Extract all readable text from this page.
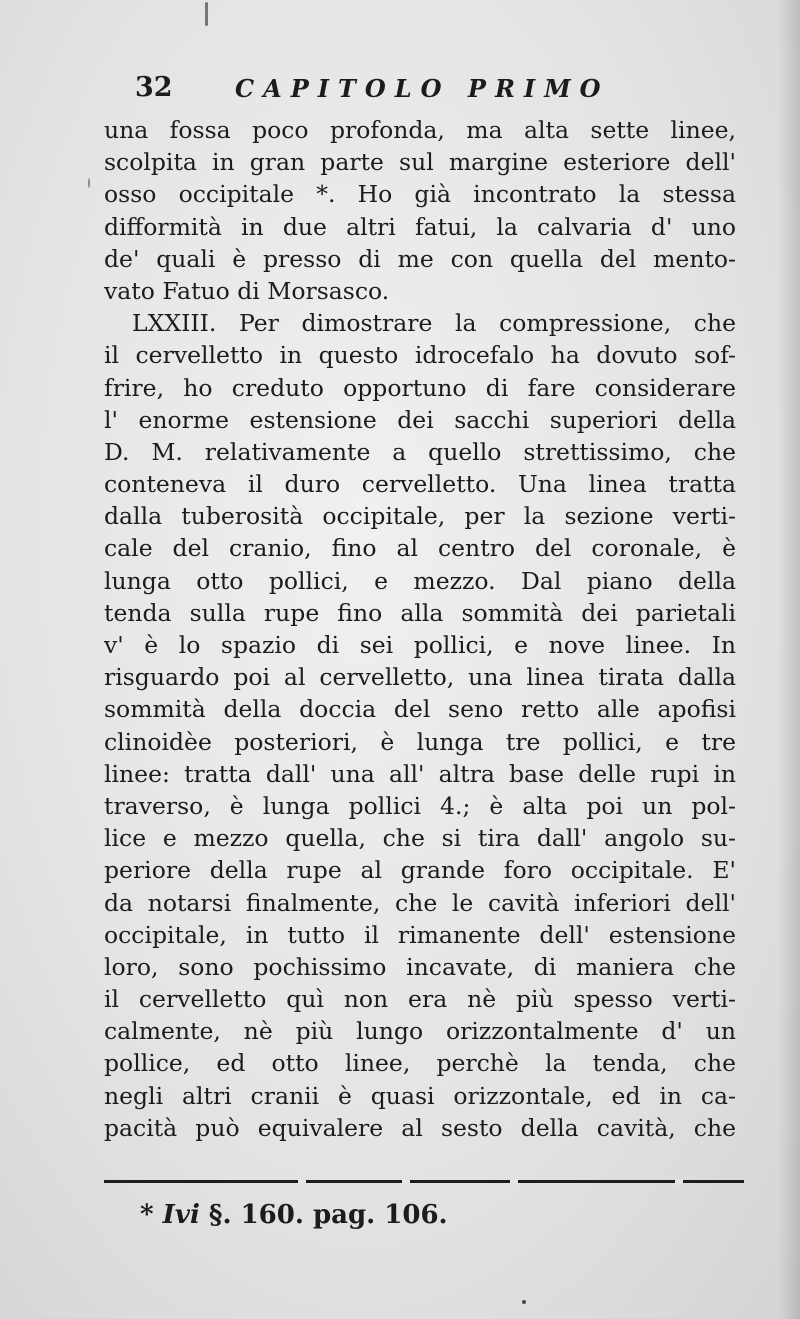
32	CAPITOLO PRIMO
una fossa poco profonda, ma alta sette linee,
scolpita in gran parte sul margine esteriore dell'
osso occipitale *. Ho già incontrato la stessa
difformità in due altri fatui, la calvaria d' uno
de' quali è presso di me con quella del mento-
vato Fatuo di Morsasco.
LXXIII. Per dimostrare la compressione, che
il cervelletto in questo idrocefalo ha dovuto sof-
frire, ho creduto opportuno di fare considerare
l' enorme estensione dei sacchi superiori della
D. M. relativamente a quello strettissimo, che
conteneva il duro cervelletto. Una linea tratta
dalla tuberosità occipitale, per la sezione verti-
cale del cranio, fino al centro del coronale, è
lunga otto pollici, e mezzo. Dal piano della
tenda sulla rupe fino alla sommità dei parietali
v' è lo spazio di sei pollici, e nove linee. In
risguardo poi al cervelletto, una linea tirata dalla
sommità della doccia del seno retto alle apofisi
clinoidèe posteriori, è lunga tre pollici, e tre
linee: tratta dall' una all' altra base delle rupi in
traverso, è lunga pollici 4.; è alta poi un pol-
lice e mezzo quella, che si tira dall' angolo su-
periore della rupe al grande foro occipitale. E'
da notarsi finalmente, che le cavità inferiori dell'
occipitale, in tutto il rimanente dell' estensione
loro, sono pochissimo incavate, di maniera che
il cervelletto quì non era nè più spesso verti-
calmente, nè più lungo orizzontalmente d' un
pollice, ed otto linee, perchè la tenda, che
negli altri cranii è quasi orizzontale, ed in ca-
pacità può equivalere al sesto della cavità, che
* Ivi §. 160. pag. 106.
